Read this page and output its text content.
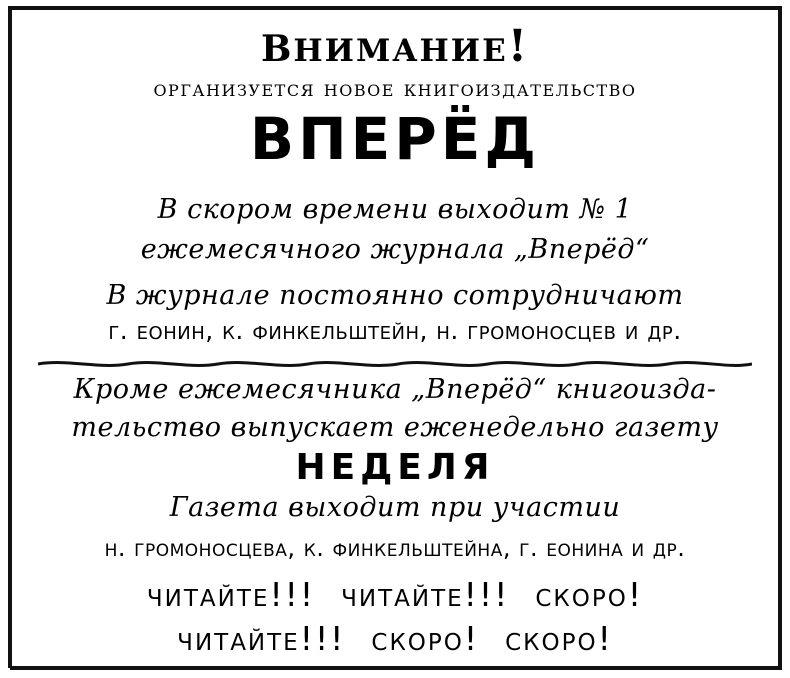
внимание!
организуется новое книгоиздательство
ВПЕРЁД
В скором времени выходит № 1
ежемесячного журнала „Вперёд“
В журнале постоянно сотрудничают
г. еонин, к. финкельштейн, н. громоносцев и др.
Кроме ежемесячника „Вперёд“ книгоизда-
тельство выпускает еженедельно газету
НЕДЕЛЯ
Газета выходит при участии
н. громоносцева, к. финкельштейна, г. еонина и др.
читайте!!! читайте!!! скоро!
читайте!!! скоро! скоро!
